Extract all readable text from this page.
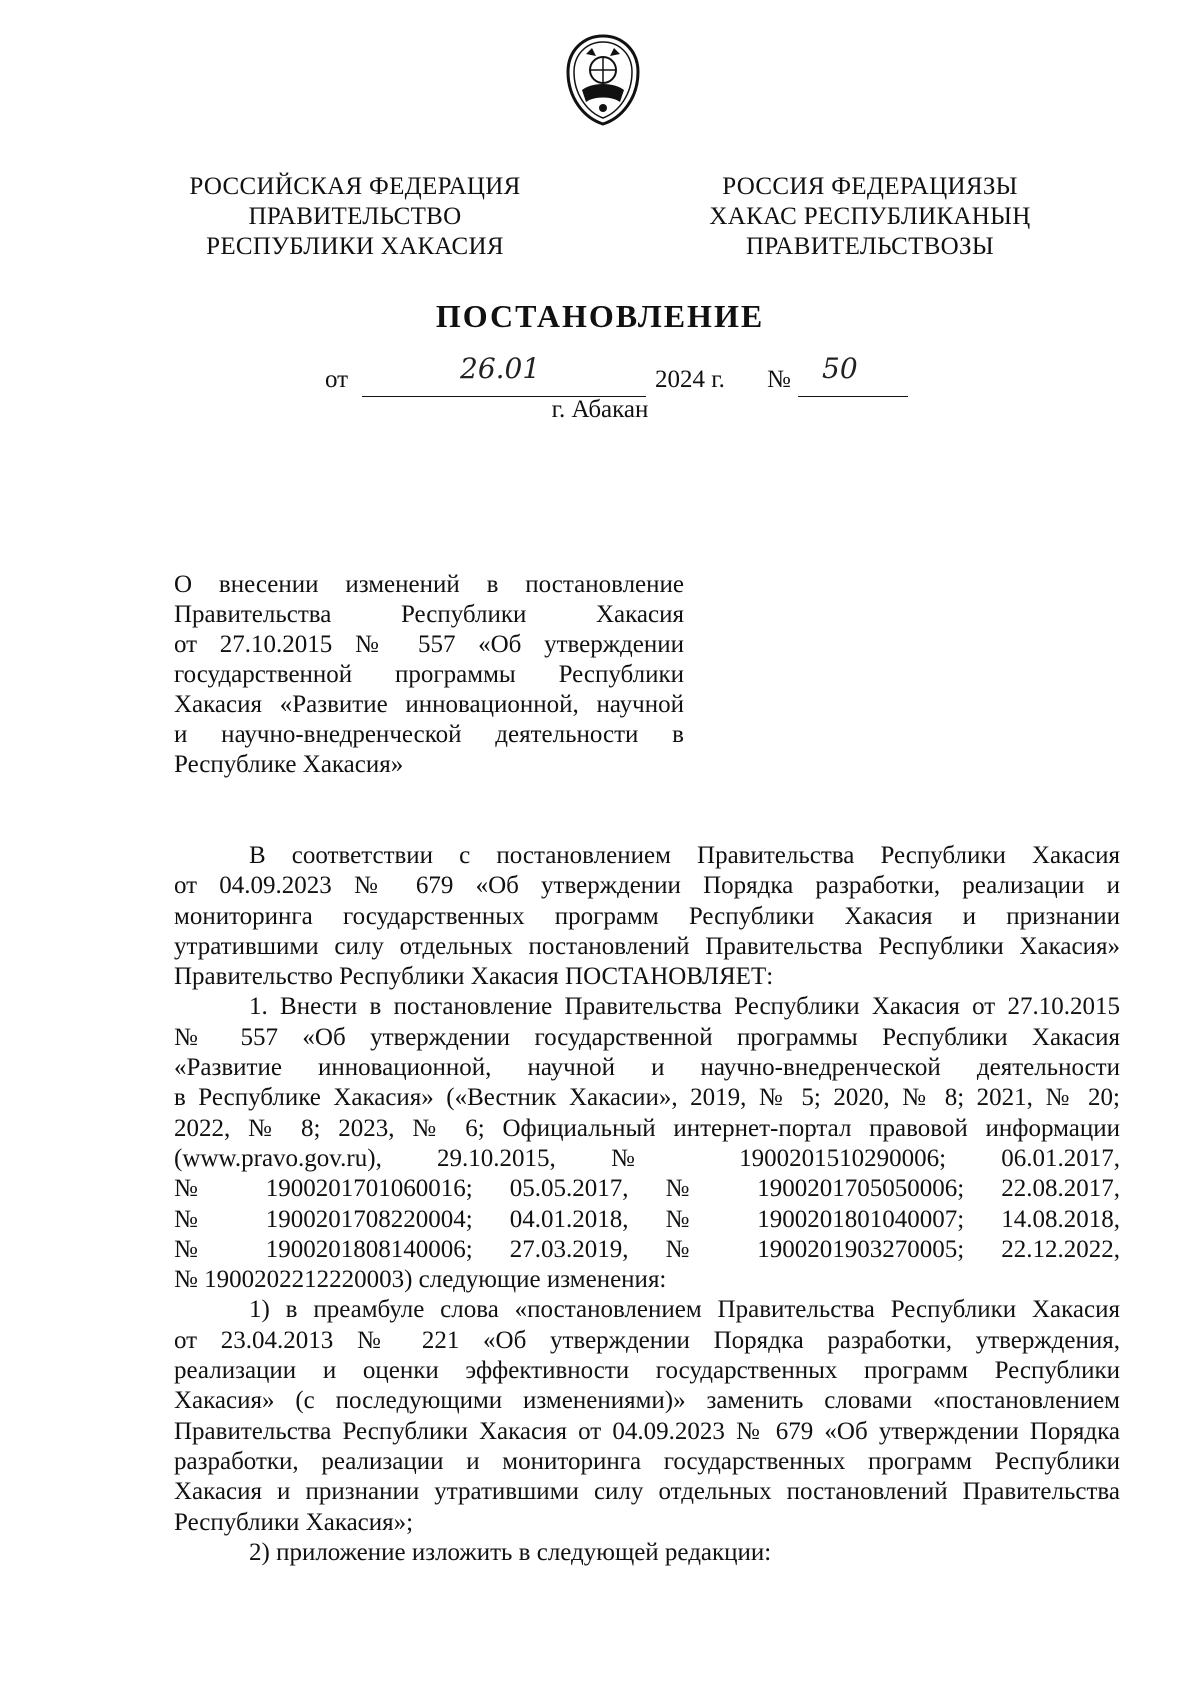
РОССИЙСКАЯ ФЕДЕРАЦИЯ
ПРАВИТЕЛЬСТВО
РЕСПУБЛИКИ ХАКАСИЯ
РОССИЯ ФЕДЕРАЦИЯЗЫ
ХАКАС РЕСПУБЛИКАНЫҢ
ПРАВИТЕЛЬСТВОЗЫ
ПОСТАНОВЛЕНИЕ
от	26.01	2024 г. № 50
г. Абакан
О внесении изменений в постановление
Правительства Республики Хакасия
от 27.10.2015 № 557 «Об утверждении
государственной программы Республики
Хакасия «Развитие инновационной, научной
и научно-внедренческой деятельности в
Республике Хакасия»
В соответствии с постановлением Правительства Республики Хакасия
от 04.09.2023 № 679 «Об утверждении Порядка разработки, реализации и
мониторинга государственных программ Республики Хакасия и признании
утратившими силу отдельных постановлений Правительства Республики Хакасия»
Правительство Республики Хакасия ПОСТАНОВЛЯЕТ:
1. Внести в постановление Правительства Республики Хакасия от 27.10.2015
№ 557 «Об утверждении государственной программы Республики Хакасия
«Развитие инновационной, научной и научно-внедренческой деятельности
в Республике Хакасия» («Вестник Хакасии», 2019, № 5; 2020, № 8; 2021, № 20;
2022, № 8; 2023, № 6; Официальный интернет-портал правовой информации
(www.pravo.gov.ru), 29.10.2015, № 1900201510290006; 06.01.2017,
№ 1900201701060016; 05.05.2017, № 1900201705050006; 22.08.2017,
№ 1900201708220004; 04.01.2018, № 1900201801040007; 14.08.2018,
№ 1900201808140006; 27.03.2019, № 1900201903270005; 22.12.2022,
№ 1900202212220003) следующие изменения:
1) в преамбуле слова «постановлением Правительства Республики Хакасия
от 23.04.2013 № 221 «Об утверждении Порядка разработки, утверждения,
реализации и оценки эффективности государственных программ Республики
Хакасия» (с последующими изменениями)» заменить словами «постановлением
Правительства Республики Хакасия от 04.09.2023 № 679 «Об утверждении Порядка
разработки, реализации и мониторинга государственных программ Республики
Хакасия и признании утратившими силу отдельных постановлений Правительства
Республики Хакасия»;
2) приложение изложить в следующей редакции:
